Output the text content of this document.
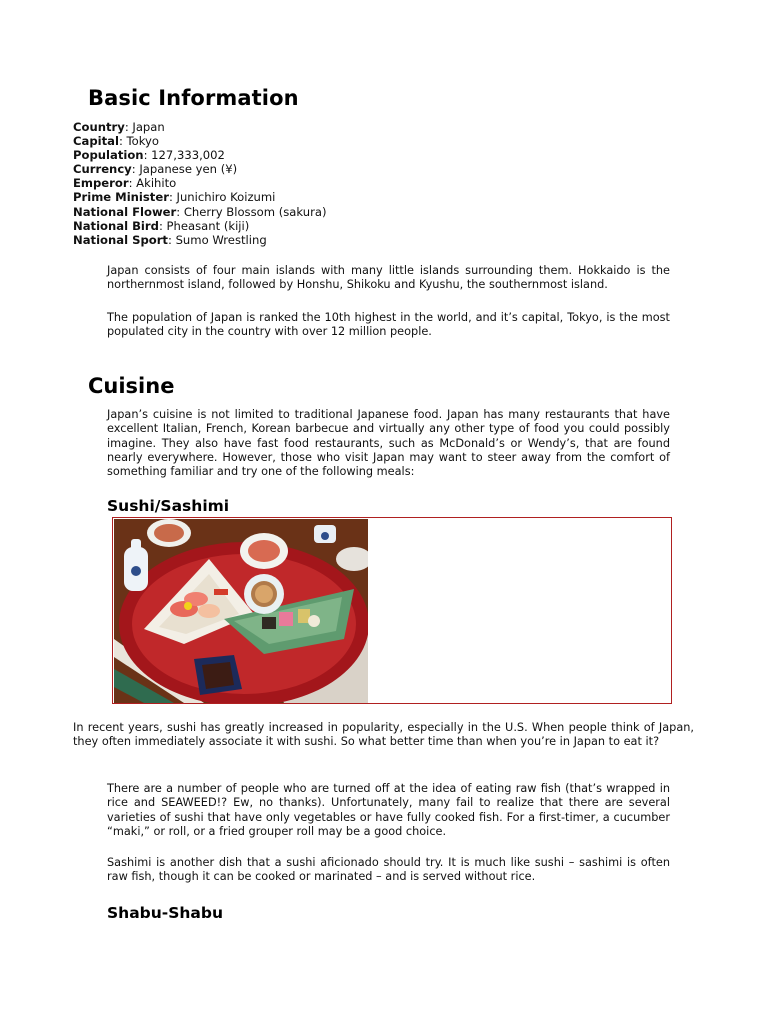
Basic Information
Country: Japan
Capital: Tokyo
Population: 127,333,002
Currency: Japanese yen (¥)
Emperor: Akihito
Prime Minister: Junichiro Koizumi
National Flower: Cherry Blossom (sakura)
National Bird: Pheasant (kiji)
National Sport: Sumo Wrestling

Japan consists of four main islands with many little islands surrounding them. Hokkaido is the northernmost island, followed by Honshu, Shikoku and Kyushu, the southernmost island.

The population of Japan is ranked the 10th highest in the world, and it’s capital, Tokyo, is the most populated city in the country with over 12 million people.

Cuisine

Japan’s cuisine is not limited to traditional Japanese food. Japan has many restaurants that have excellent Italian, French, Korean barbecue and virtually any other type of food you could possibly imagine. They also have fast food restaurants, such as McDonald’s or Wendy’s, that are found nearly everywhere. However, those who visit Japan may want to steer away from the comfort of something familiar and try one of the following meals:

Sushi/Sashimi

In recent years, sushi has greatly increased in popularity, especially in the U.S. When people think of Japan, they often immediately associate it with sushi. So what better time than when you’re in Japan to eat it?

There are a number of people who are turned off at the idea of eating raw fish (that’s wrapped in rice and SEAWEED!? Ew, no thanks). Unfortunately, many fail to realize that there are several varieties of sushi that have only vegetables or have fully cooked fish. For a first-timer, a cucumber “maki,” or roll, or a fried grouper roll may be a good choice.

Sashimi is another dish that a sushi aficionado should try. It is much like sushi – sashimi is often raw fish, though it can be cooked or marinated – and is served without rice.

Shabu-Shabu
